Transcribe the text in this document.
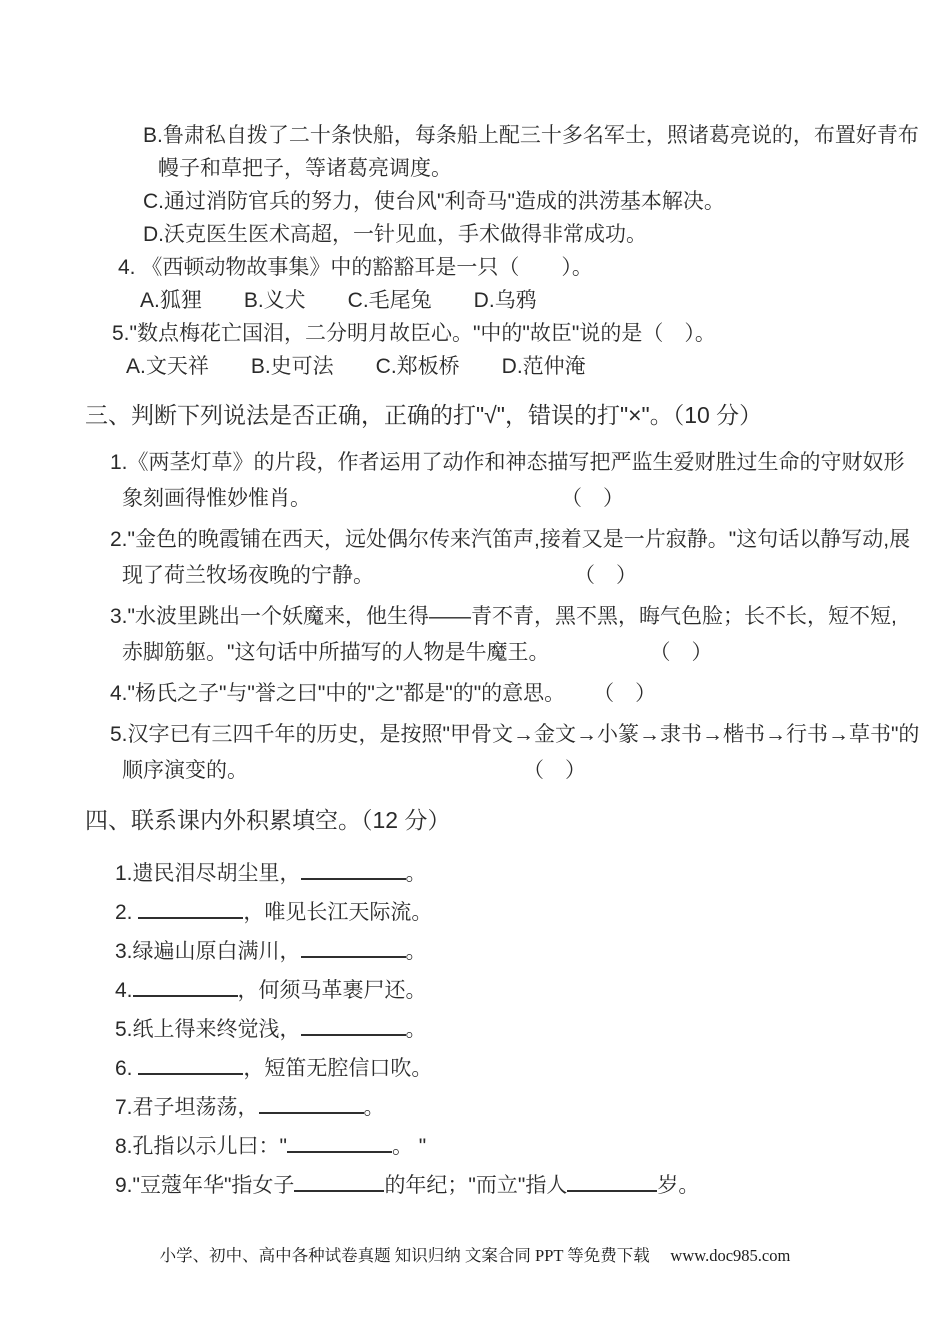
B.鲁肃私自拨了二十条快船，每条船上配三十多名军士，照诸葛亮说的，布置好青布
幔子和草把子，等诸葛亮调度。
C.通过消防官兵的努力，使台风"利奇马"造成的洪涝基本解决。
D.沃克医生医术高超，一针见血，手术做得非常成功。
4. 《西顿动物故事集》中的豁豁耳是一只（　　）。
A.狐狸　　B.义犬　　C.毛尾兔　　D.乌鸦
5."数点梅花亡国泪，二分明月故臣心。"中的"故臣"说的是（　）。
A.文天祥　　B.史可法　　C.郑板桥　　D.范仲淹
三、判断下列说法是否正确，正确的打"√"，错误的打"×"。（10 分）
1.《两茎灯草》的片段，作者运用了动作和神态描写把严监生爱财胜过生命的守财奴形
象刻画得惟妙惟肖。	（　）
2."金色的晚霞铺在西天，远处偶尔传来汽笛声,接着又是一片寂静。"这句话以静写动,展
现了荷兰牧场夜晚的宁静。	（　）
3."水波里跳出一个妖魔来，他生得——青不青，黑不黑，晦气色脸；长不长，短不短,
赤脚筋躯。"这句话中所描写的人物是牛魔王。	（　）
4."杨氏之子"与"誉之曰"中的"之"都是"的"的意思。 （　）
5.汉字已有三四千年的历史，是按照"甲骨文→金文→小篆→隶书→楷书→行书→草书"的
顺序演变的。	（　）
四、联系课内外积累填空。（12 分）
1.遗民泪尽胡尘里，	。
2.	，唯见长江天际流。
3.绿遍山原白满川，	。
4.	，何须马革裹尸还。
5.纸上得来终觉浅，	。
6.	，短笛无腔信口吹。
7.君子坦荡荡，	。
8.孔指以示儿曰："	。 "
9."豆蔻年华"指女子	的年纪；"而立"指人	岁。
小学、初中、高中各种试卷真题 知识归纳 文案合同 PPT 等免费下载　 www.doc985.com
